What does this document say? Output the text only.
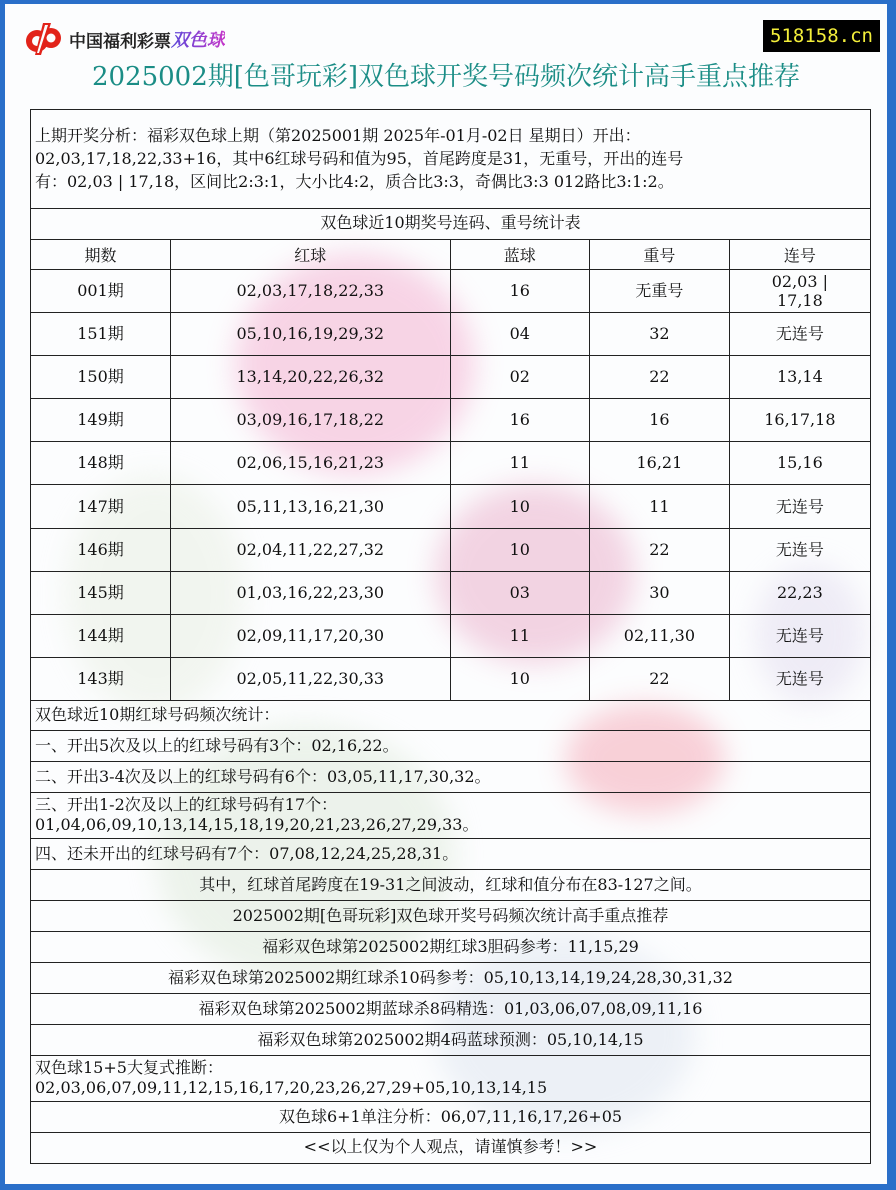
中国福利彩票 双色球	518158.cn
2025002期[色哥玩彩]双色球开奖号码频次统计高手重点推荐
上期开奖分析：福彩双色球上期（第2025001期 2025年-01月-02日 星期日）开出：
02,03,17,18,22,33+16，其中6红球号码和值为95，首尾跨度是31，无重号，开出的连号
有：02,03 | 17,18，区间比2:3:1，大小比4:2，质合比3:3，奇偶比3:3 012路比3:1:2。
双色球近10期奖号连码、重号统计表
期数	红球	蓝球	重号	连号
001期	02,03,17,18,22,33	16	无重号	02,03 |
17,18

151期	05,10,16,19,29,32	04	32	无连号
150期	13,14,20,22,26,32	02	22	13,14
149期	03,09,16,17,18,22	16	16	16,17,18
148期	02,06,15,16,21,23	11	16,21	15,16
147期	05,11,13,16,21,30	10	11	无连号
146期	02,04,11,22,27,32	10	22	无连号
145期	01,03,16,22,23,30	03	30	22,23
144期	02,09,11,17,20,30	11	02,11,30	无连号
143期	02,05,11,22,30,33	10	22	无连号
双色球近10期红球号码频次统计：
一、开出5次及以上的红球号码有3个：02,16,22。
二、开出3-4次及以上的红球号码有6个：03,05,11,17,30,32。
三、开出1-2次及以上的红球号码有17个：
01,04,06,09,10,13,14,15,18,19,20,21,23,26,27,29,33。
四、还未开出的红球号码有7个：07,08,12,24,25,28,31。
其中，红球首尾跨度在19-31之间波动，红球和值分布在83-127之间。
2025002期[色哥玩彩]双色球开奖号码频次统计高手重点推荐
福彩双色球第2025002期红球3胆码参考：11,15,29
福彩双色球第2025002期红球杀10码参考：05,10,13,14,19,24,28,30,31,32
福彩双色球第2025002期蓝球杀8码精选：01,03,06,07,08,09,11,16
福彩双色球第2025002期4码蓝球预测：05,10,14,15
双色球15+5大复式推断：
02,03,06,07,09,11,12,15,16,17,20,23,26,27,29+05,10,13,14,15
双色球6+1单注分析：06,07,11,16,17,26+05
<<以上仅为个人观点，请谨慎参考！>>
